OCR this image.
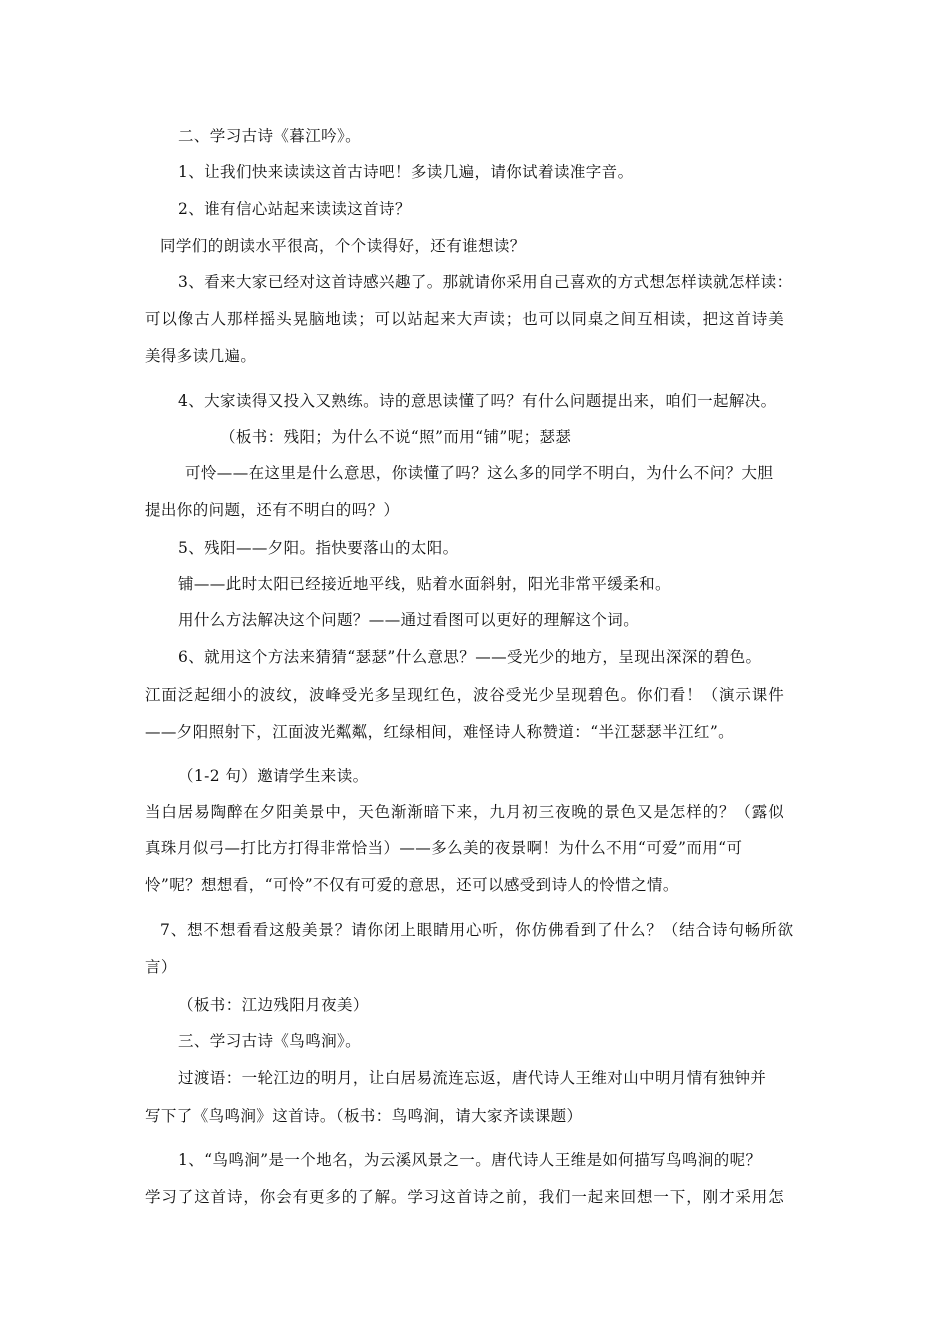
二、学习古诗《暮江吟》。
1、让我们快来读读这首古诗吧！多读几遍，请你试着读准字音。
2、谁有信心站起来读读这首诗？
同学们的朗读水平很高，个个读得好，还有谁想读？
3、看来大家已经对这首诗感兴趣了。那就请你采用自己喜欢的方式想怎样读就怎样读：
可以像古人那样摇头晃脑地读；可以站起来大声读；也可以同桌之间互相读，把这首诗美
美得多读几遍。
4、大家读得又投入又熟练。诗的意思读懂了吗？有什么问题提出来，咱们一起解决。
（板书：残阳；为什么不说“照”而用“铺”呢；瑟瑟
可怜——在这里是什么意思，你读懂了吗？这么多的同学不明白，为什么不问？大胆
提出你的问题，还有不明白的吗？）
5、残阳——夕阳。指快要落山的太阳。
铺——此时太阳已经接近地平线，贴着水面斜射，阳光非常平缓柔和。
用什么方法解决这个问题？——通过看图可以更好的理解这个词。
6、就用这个方法来猜猜“瑟瑟”什么意思？——受光少的地方，呈现出深深的碧色。
江面泛起细小的波纹，波峰受光多呈现红色，波谷受光少呈现碧色。你们看！（演示课件
——夕阳照射下，江面波光粼粼，红绿相间，难怪诗人称赞道：“半江瑟瑟半江红”。
（1-2 句）邀请学生来读。
当白居易陶醉在夕阳美景中，天色渐渐暗下来，九月初三夜晚的景色又是怎样的？（露似
真珠月似弓—打比方打得非常恰当）——多么美的夜景啊！为什么不用“可爱”而用“可
怜”呢？想想看，“可怜”不仅有可爱的意思，还可以感受到诗人的怜惜之情。
7、想不想看看这般美景？请你闭上眼睛用心听，你仿佛看到了什么？（结合诗句畅所欲
言）
（板书：江边残阳月夜美）
三、学习古诗《鸟鸣涧》。
过渡语：一轮江边的明月，让白居易流连忘返，唐代诗人王维对山中明月情有独钟并
写下了《鸟鸣涧》这首诗。（板书：鸟鸣涧，请大家齐读课题）
1、“鸟鸣涧”是一个地名，为云溪风景之一。唐代诗人王维是如何描写鸟鸣涧的呢？
学习了这首诗，你会有更多的了解。学习这首诗之前，我们一起来回想一下，刚才采用怎
